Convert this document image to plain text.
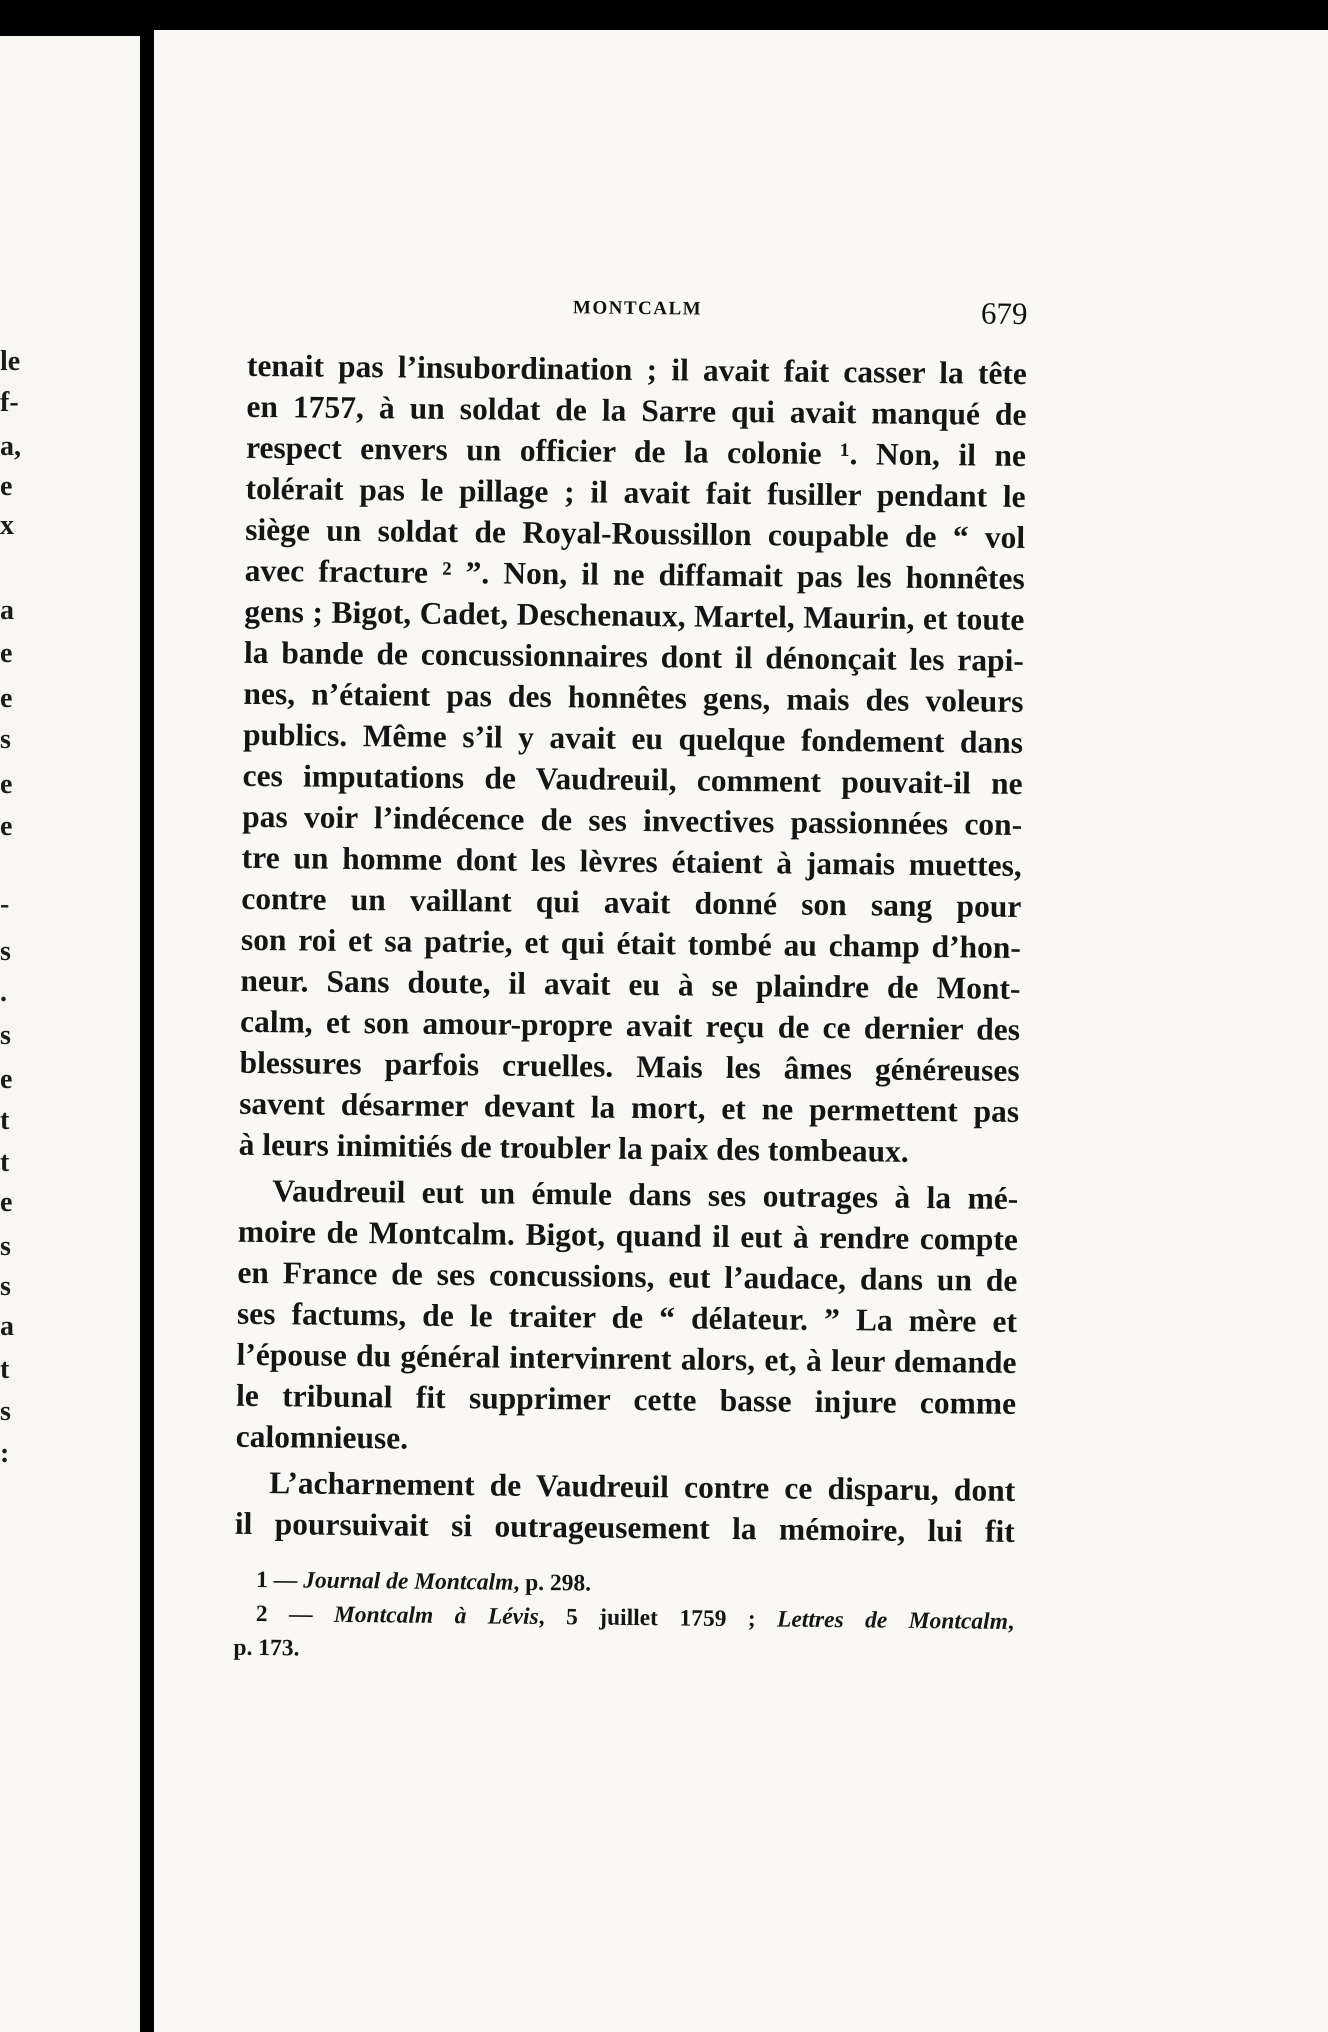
le
f-
a,
e
x
a
e
e
s
e
e
-
s
.
s
e
t
t
e
s
s
a
t
s
:
MONTCALM	679
tenait pas l’insubordination ; il avait fait casser la tête
en 1757, à un soldat de la Sarre qui avait manqué de
respect envers un officier de la colonie ¹. Non, il ne
tolérait pas le pillage ; il avait fait fusiller pendant le
siège un soldat de Royal-Roussillon coupable de “ vol
avec fracture ² ”. Non, il ne diffamait pas les honnêtes
gens ; Bigot, Cadet, Deschenaux, Martel, Maurin, et toute
la bande de concussionnaires dont il dénonçait les rapi-
nes, n’étaient pas des honnêtes gens, mais des voleurs
publics. Même s’il y avait eu quelque fondement dans
ces imputations de Vaudreuil, comment pouvait-il ne
pas voir l’indécence de ses invectives passionnées con-
tre un homme dont les lèvres étaient à jamais muettes,
contre un vaillant qui avait donné son sang pour
son roi et sa patrie, et qui était tombé au champ d’hon-
neur. Sans doute, il avait eu à se plaindre de Mont-
calm, et son amour-propre avait reçu de ce dernier des
blessures parfois cruelles. Mais les âmes généreuses
savent désarmer devant la mort, et ne permettent pas
à leurs inimitiés de troubler la paix des tombeaux.
Vaudreuil eut un émule dans ses outrages à la mé-
moire de Montcalm. Bigot, quand il eut à rendre compte
en France de ses concussions, eut l’audace, dans un de
ses factums, de le traiter de “ délateur. ” La mère et
l’épouse du général intervinrent alors, et, à leur demande
le tribunal fit supprimer cette basse injure comme
calomnieuse.
L’acharnement de Vaudreuil contre ce disparu, dont
il poursuivait si outrageusement la mémoire, lui fit
1 — Journal de Montcalm, p. 298.
2 — Montcalm à Lévis, 5 juillet 1759 ; Lettres de Montcalm,
p. 173.
